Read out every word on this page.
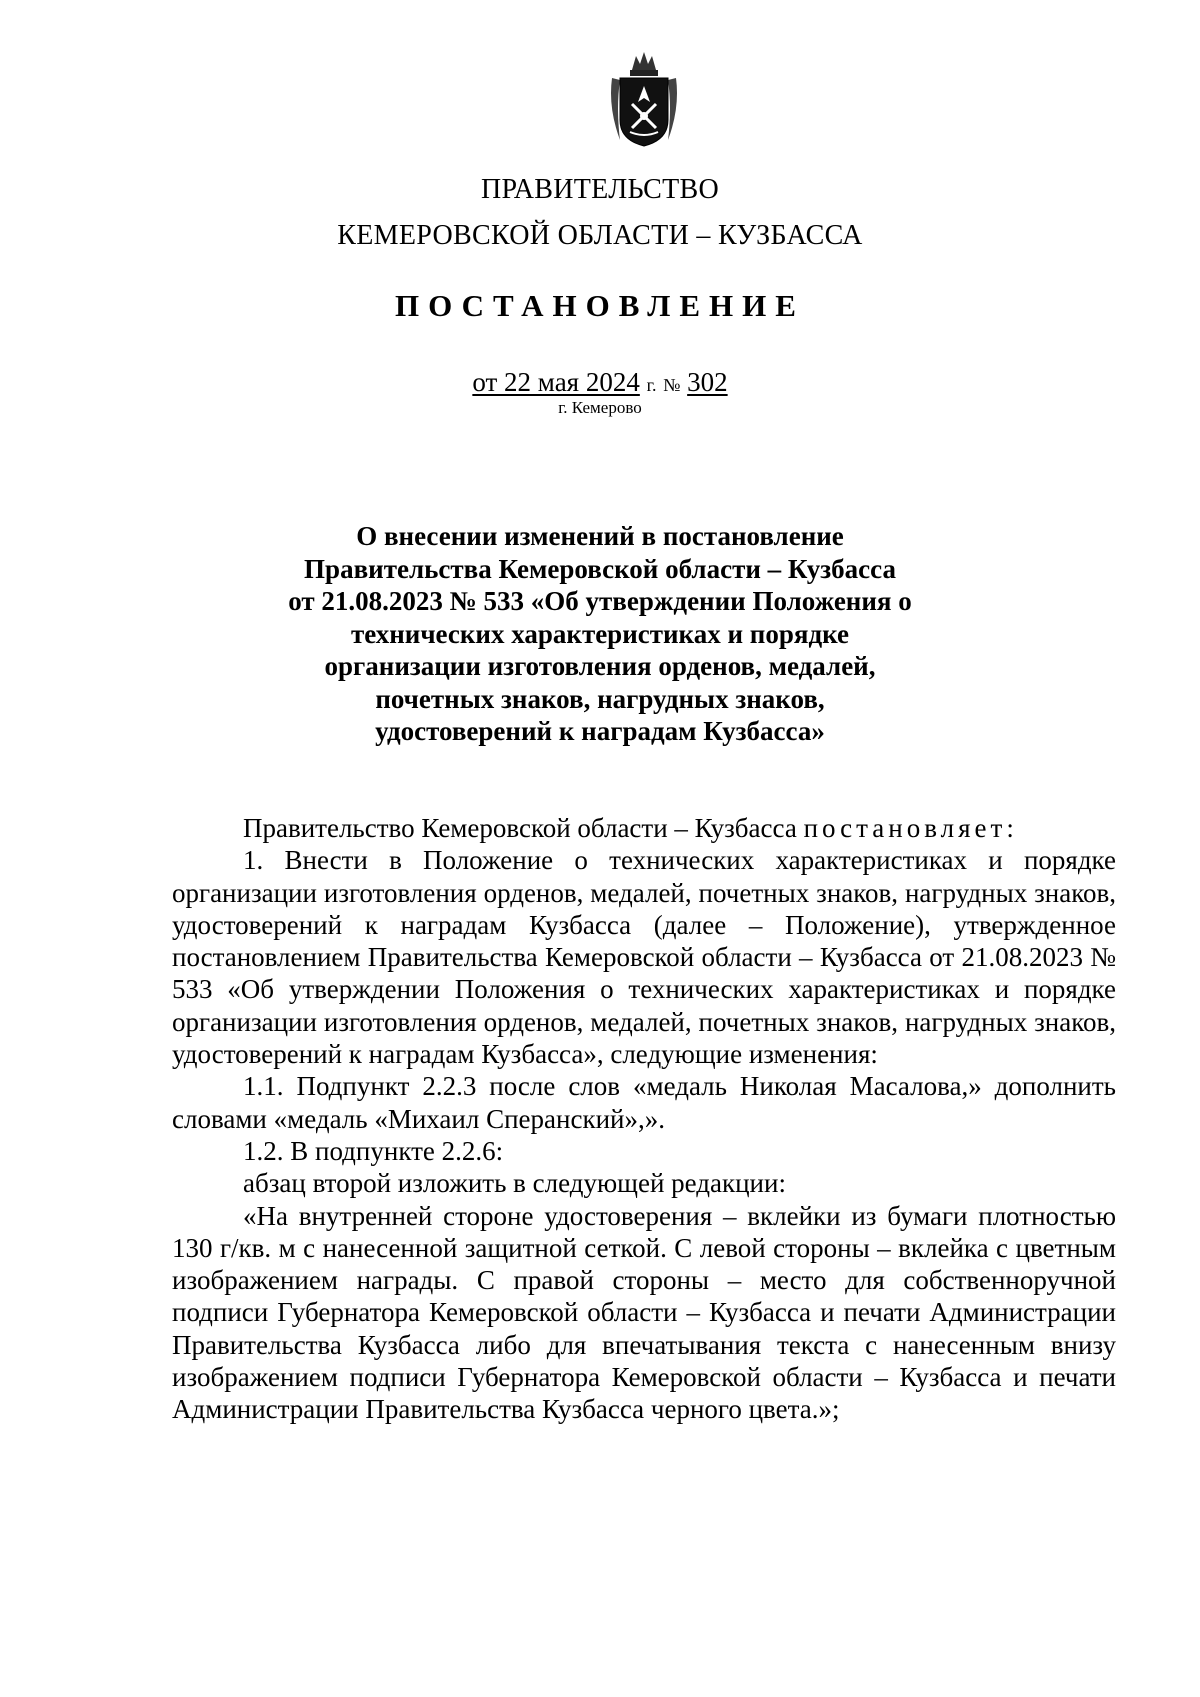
ПРАВИТЕЛЬСТВО
КЕМЕРОВСКОЙ ОБЛАСТИ – КУЗБАССА
ПОСТАНОВЛЕНИЕ
от 22 мая 2024 г. № 302
г. Кемерово
О внесении изменений в постановление
Правительства Кемеровской области – Кузбасса
от 21.08.2023 № 533 «Об утверждении Положения о
технических характеристиках и порядке
организации изготовления орденов, медалей,
почетных знаков, нагрудных знаков,
удостоверений к наградам Кузбасса»

Правительство Кемеровской области – Кузбасса постановляет:

1. Внести в Положение о технических характеристиках и порядке организации изготовления орденов, медалей, почетных знаков, нагрудных знаков, удостоверений к наградам Кузбасса (далее – Положение), утвержденное постановлением Правительства Кемеровской области – Кузбасса от 21.08.2023 № 533 «Об утверждении Положения о технических характеристиках и порядке организации изготовления орденов, медалей, почетных знаков, нагрудных знаков, удостоверений к наградам Кузбасса», следующие изменения:

1.1. Подпункт 2.2.3 после слов «медаль Николая Масалова,» дополнить словами «медаль «Михаил Сперанский»,».

1.2. В подпункте 2.2.6:

абзац второй изложить в следующей редакции:

«На внутренней стороне удостоверения – вклейки из бумаги плотностью 130 г/кв. м с нанесенной защитной сеткой. С левой стороны – вклейка с цветным изображением награды. С правой стороны – место для собственноручной подписи Губернатора Кемеровской области – Кузбасса и печати Администрации Правительства Кузбасса либо для впечатывания текста с нанесенным внизу изображением подписи Губернатора Кемеровской области – Кузбасса и печати Администрации Правительства Кузбасса черного цвета.»;
